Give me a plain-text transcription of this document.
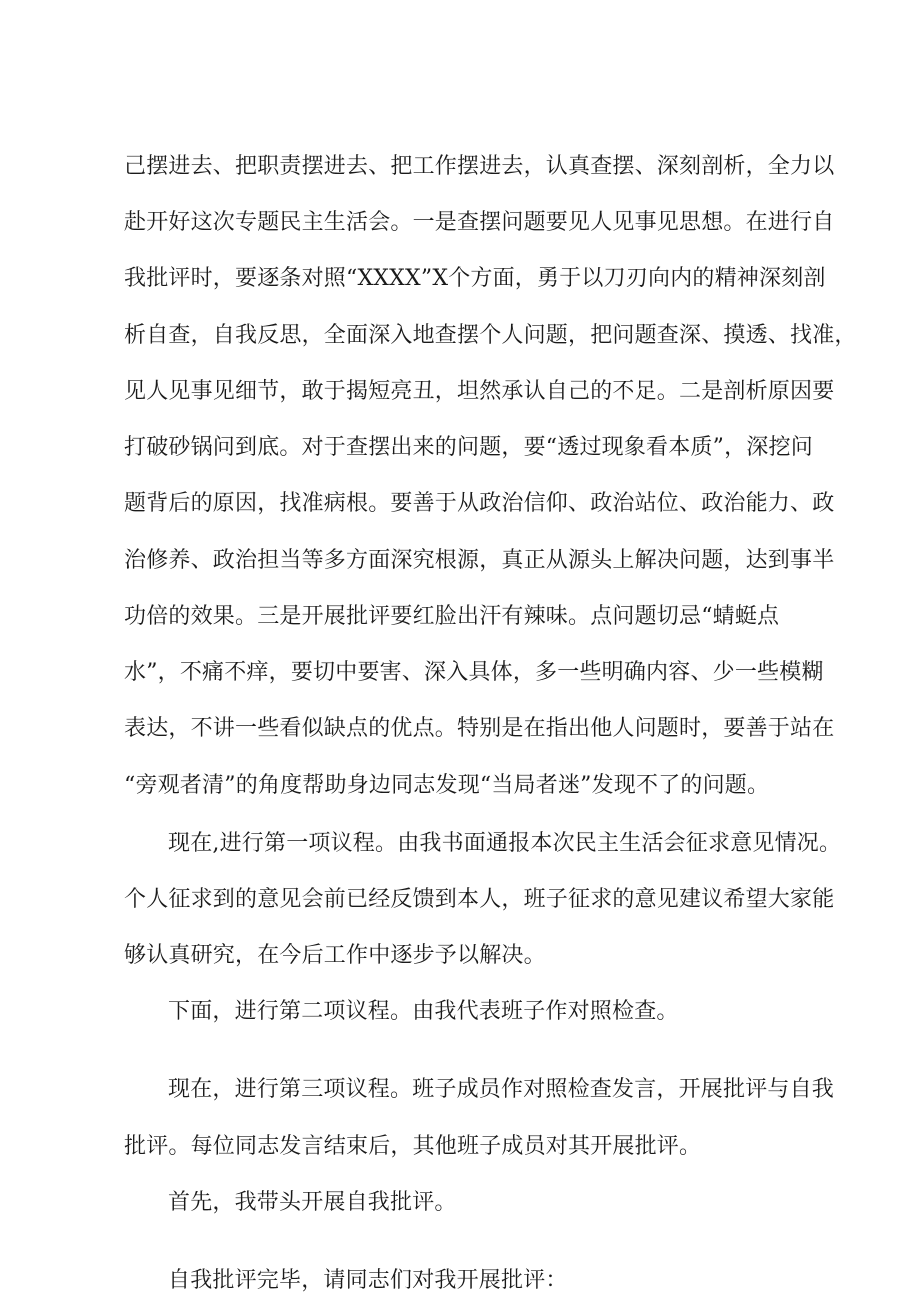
己摆进去、把职责摆进去、把工作摆进去，认真查摆、深刻剖析，全力以
赴开好这次专题民主生活会。一是查摆问题要见人见事见思想。在进行自
我批评时，要逐条对照“XXXX”X个方面，勇于以刀刃向内的精神深刻剖
析自查，自我反思，全面深入地查摆个人问题，把问题查深、摸透、找准，
见人见事见细节，敢于揭短亮丑，坦然承认自己的不足。二是剖析原因要
打破砂锅问到底。对于查摆出来的问题，要“透过现象看本质”，深挖问
题背后的原因，找准病根。要善于从政治信仰、政治站位、政治能力、政
治修养、政治担当等多方面深究根源，真正从源头上解决问题，达到事半
功倍的效果。三是开展批评要红脸出汗有辣味。点问题切忌“蜻蜓点
水”，不痛不痒，要切中要害、深入具体，多一些明确内容、少一些模糊
表达，不讲一些看似缺点的优点。特别是在指出他人问题时，要善于站在
“旁观者清”的角度帮助身边同志发现“当局者迷”发现不了的问题。
现在,进行第一项议程。由我书面通报本次民主生活会征求意见情况。
个人征求到的意见会前已经反馈到本人，班子征求的意见建议希望大家能
够认真研究，在今后工作中逐步予以解决。
下面，进行第二项议程。由我代表班子作对照检查。
现在，进行第三项议程。班子成员作对照检查发言，开展批评与自我
批评。每位同志发言结束后，其他班子成员对其开展批评。
首先，我带头开展自我批评。
自我批评完毕，请同志们对我开展批评：
